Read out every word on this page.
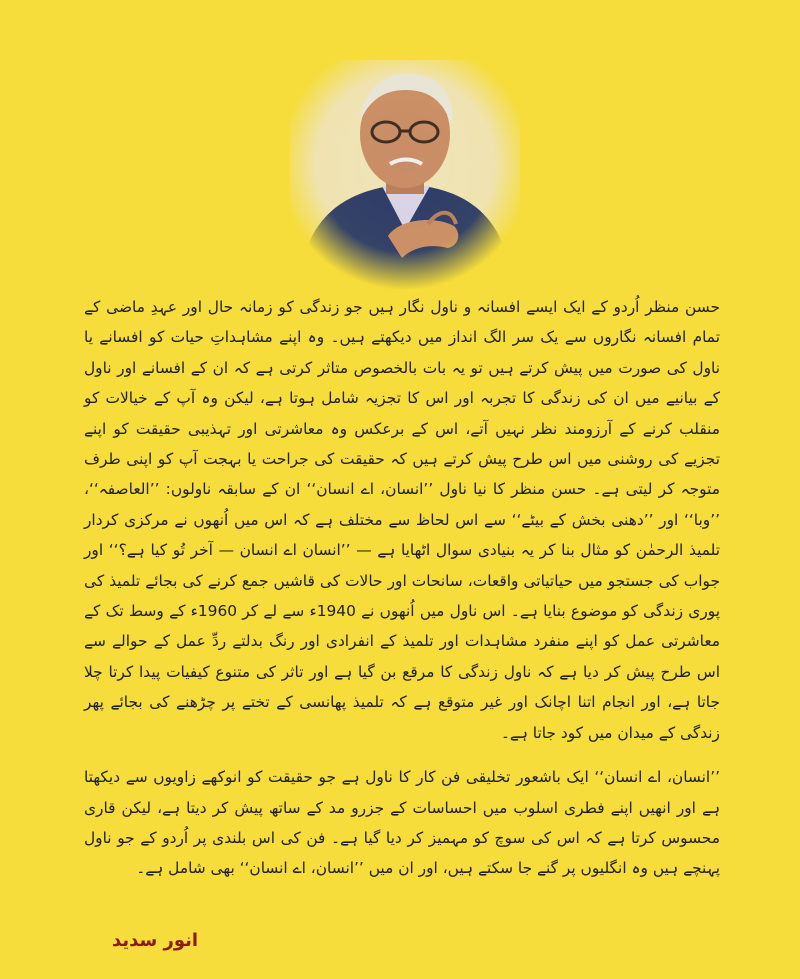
حسن منظر اُردو کے ایک ایسے افسانہ و ناول نگار ہیں جو زندگی کو زمانہ حال اور عہدِ ماضی کے تمام افسانہ نگاروں سے یک سر الگ انداز میں دیکھتے ہیں۔ وہ اپنے مشاہداتِ حیات کو افسانے یا ناول کی صورت میں پیش کرتے ہیں تو یہ بات بالخصوص متاثر کرتی ہے کہ ان کے افسانے اور ناول کے بیانیے میں ان کی زندگی کا تجربہ اور اس کا تجزیہ شامل ہوتا ہے، لیکن وہ آپ کے خیالات کو منقلب کرنے کے آرزومند نظر نہیں آتے، اس کے برعکس وہ معاشرتی اور تہذیبی حقیقت کو اپنے تجزیے کی روشنی میں اس طرح پیش کرتے ہیں کہ حقیقت کی جراحت یا بہجت آپ کو اپنی طرف متوجہ کر لیتی ہے۔ حسن منظر کا نیا ناول ’’انسان، اے انسان‘‘ ان کے سابقہ ناولوں: ’’العاصفہ‘‘، ’’وبا‘‘ اور ’’دھنی بخش کے بیٹے‘‘ سے اس لحاظ سے مختلف ہے کہ اس میں اُنھوں نے مرکزی کردار تلمیذ الرحمٰن کو مثال بنا کر یہ بنیادی سوال اٹھایا ہے — ’’انسان اے انسان — آخر تُو کیا ہے؟‘‘ اور جواب کی جستجو میں حیاتیاتی واقعات، سانحات اور حالات کی قاشیں جمع کرنے کی بجائے تلمیذ کی پوری زندگی کو موضوع بنایا ہے۔ اس ناول میں اُنھوں نے 1940ء سے لے کر 1960ء کے وسط تک کے معاشرتی عمل کو اپنے منفرد مشاہدات اور تلمیذ کے انفرادی اور رنگ بدلتے ردِّ عمل کے حوالے سے اس طرح پیش کر دیا ہے کہ ناول زندگی کا مرقع بن گیا ہے اور تاثر کی متنوع کیفیات پیدا کرتا چلا جاتا ہے، اور انجام اتنا اچانک اور غیر متوقع ہے کہ تلمیذ پھانسی کے تختے پر چڑھنے کی بجائے پھر زندگی کے میدان میں کود جاتا ہے۔

’’انسان، اے انسان‘‘ ایک باشعور تخلیقی فن کار کا ناول ہے جو حقیقت کو انوکھے زاویوں سے دیکھتا ہے اور انھیں اپنے فطری اسلوب میں احساسات کے جزرو مد کے ساتھ پیش کر دیتا ہے، لیکن قاری محسوس کرتا ہے کہ اس کی سوچ کو مہمیز کر دیا گیا ہے۔ فن کی اس بلندی پر اُردو کے جو ناول پہنچے ہیں وہ انگلیوں پر گنے جا سکتے ہیں، اور ان میں ’’انسان، اے انسان‘‘ بھی شامل ہے۔

انور سدید
